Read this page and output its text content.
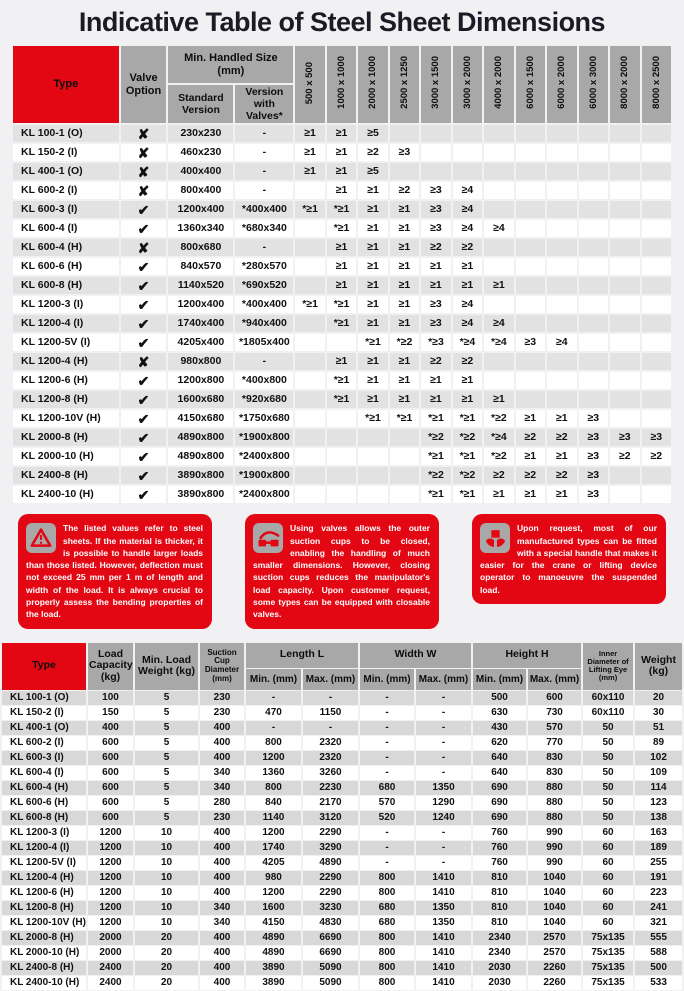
Indicative Table of Steel Sheet Dimensions
Type	Valve Option	Min. Handled Size (mm)		500 x 500	1000 x 1000	2000 x 1000	2500 x 1250	3000 x 1500	3000 x 2000	4000 x 2000	6000 x 1500	6000 x 2000	6000 x 3000	8000 x 2000	8000 x 2500
		Standard Version	Version with Valves*												
KL 100-1 (O)	✘	230x230	-	≥1	≥1	≥5									
KL 150-2 (I)	✘	460x230	-	≥1	≥1	≥2	≥3								
KL 400-1 (O)	✘	400x400	-	≥1	≥1	≥5									
KL 600-2 (I)	✘	800x400	-		≥1	≥1	≥2	≥3	≥4						
KL 600-3 (I)	✔	1200x400	*400x400	*≥1	*≥1	≥1	≥1	≥3	≥4						
KL 600-4 (I)	✔	1360x340	*680x340		*≥1	≥1	≥1	≥3	≥4	≥4					
KL 600-4 (H)	✘	800x680	-		≥1	≥1	≥1	≥2	≥2						
KL 600-6 (H)	✔	840x570	*280x570		≥1	≥1	≥1	≥1	≥1						
KL 600-8 (H)	✔	1140x520	*690x520		≥1	≥1	≥1	≥1	≥1	≥1					
KL 1200-3 (I)	✔	1200x400	*400x400	*≥1	*≥1	≥1	≥1	≥3	≥4						
KL 1200-4 (I)	✔	1740x400	*940x400		*≥1	≥1	≥1	≥3	≥4	≥4					
KL 1200-5V (I)	✔	4205x400	*1805x400			*≥1	*≥2	*≥3	*≥4	*≥4	≥3	≥4			
KL 1200-4 (H)	✘	980x800	-		≥1	≥1	≥1	≥2	≥2						
KL 1200-6 (H)	✔	1200x800	*400x800		*≥1	≥1	≥1	≥1	≥1						
KL 1200-8 (H)	✔	1600x680	*920x680		*≥1	≥1	≥1	≥1	≥1	≥1					
KL 1200-10V (H)	✔	4150x680	*1750x680			*≥1	*≥1	*≥1	*≥1	*≥2	≥1	≥1	≥3		
KL 2000-8 (H)	✔	4890x800	*1900x800					*≥2	*≥2	*≥4	≥2	≥2	≥3	≥3	≥3
KL 2000-10 (H)	✔	4890x800	*2400x800					*≥1	*≥1	*≥2	≥1	≥1	≥3	≥2	≥2
KL 2400-8 (H)	✔	3890x800	*1900x800					*≥2	*≥2	≥2	≥2	≥2	≥3		
KL 2400-10 (H)	✔	3890x800	*2400x800					*≥1	*≥1	≥1	≥1	≥1	≥3		
The listed values refer to steel sheets. If the material is thicker, it is possible to handle larger loads than those listed. However, deflection must not exceed 25 mm per 1 m of length and width of the load. It is always crucial to properly assess the bending properties of the load.
Using valves allows the outer suction cups to be closed, enabling the handling of much smaller dimensions. However, closing suction cups reduces the manipulator's load capacity. Upon customer request, some types can be equipped with closable valves.
Upon request, most of our manufactured types can be fitted with a special handle that makes it easier for the crane or lifting device operator to manoeuvre the suspended load.
Type	Load Capacity (kg)	Min. Load Weight (kg)	Suction Cup Diameter (mm)	Length L		Width W		Height H		Inner Diameter of Lifting Eye (mm)	Weight (kg)
				Min. (mm)	Max. (mm)	Min. (mm)	Max. (mm)	Min. (mm)	Max. (mm)		
KL 100-1 (O)	100	5	230	-	-	-	-	500	600	60x110	20
KL 150-2 (I)	150	5	230	470	1150	-	-	630	730	60x110	30
KL 400-1 (O)	400	5	400	-	-	-	-	430	570	50	51
KL 600-2 (I)	600	5	400	800	2320	-	-	620	770	50	89
KL 600-3 (I)	600	5	400	1200	2320	-	-	640	830	50	102
KL 600-4 (I)	600	5	340	1360	3260	-	-	640	830	50	109
KL 600-4 (H)	600	5	340	800	2230	680	1350	690	880	50	114
KL 600-6 (H)	600	5	280	840	2170	570	1290	690	880	50	123
KL 600-8 (H)	600	5	230	1140	3120	520	1240	690	880	50	138
KL 1200-3 (I)	1200	10	400	1200	2290	-	-	760	990	60	163
KL 1200-4 (I)	1200	10	400	1740	3290	-	-	760	990	60	189
KL 1200-5V (I)	1200	10	400	4205	4890	-	-	760	990	60	255
KL 1200-4 (H)	1200	10	400	980	2290	800	1410	810	1040	60	191
KL 1200-6 (H)	1200	10	400	1200	2290	800	1410	810	1040	60	223
KL 1200-8 (H)	1200	10	340	1600	3230	680	1350	810	1040	60	241
KL 1200-10V (H)	1200	10	340	4150	4830	680	1350	810	1040	60	321
KL 2000-8 (H)	2000	20	400	4890	6690	800	1410	2340	2570	75x135	555
KL 2000-10 (H)	2000	20	400	4890	6690	800	1410	2340	2570	75x135	588
KL 2400-8 (H)	2400	20	400	3890	5090	800	1410	2030	2260	75x135	500
KL 2400-10 (H)	2400	20	400	3890	5090	800	1410	2030	2260	75x135	533
